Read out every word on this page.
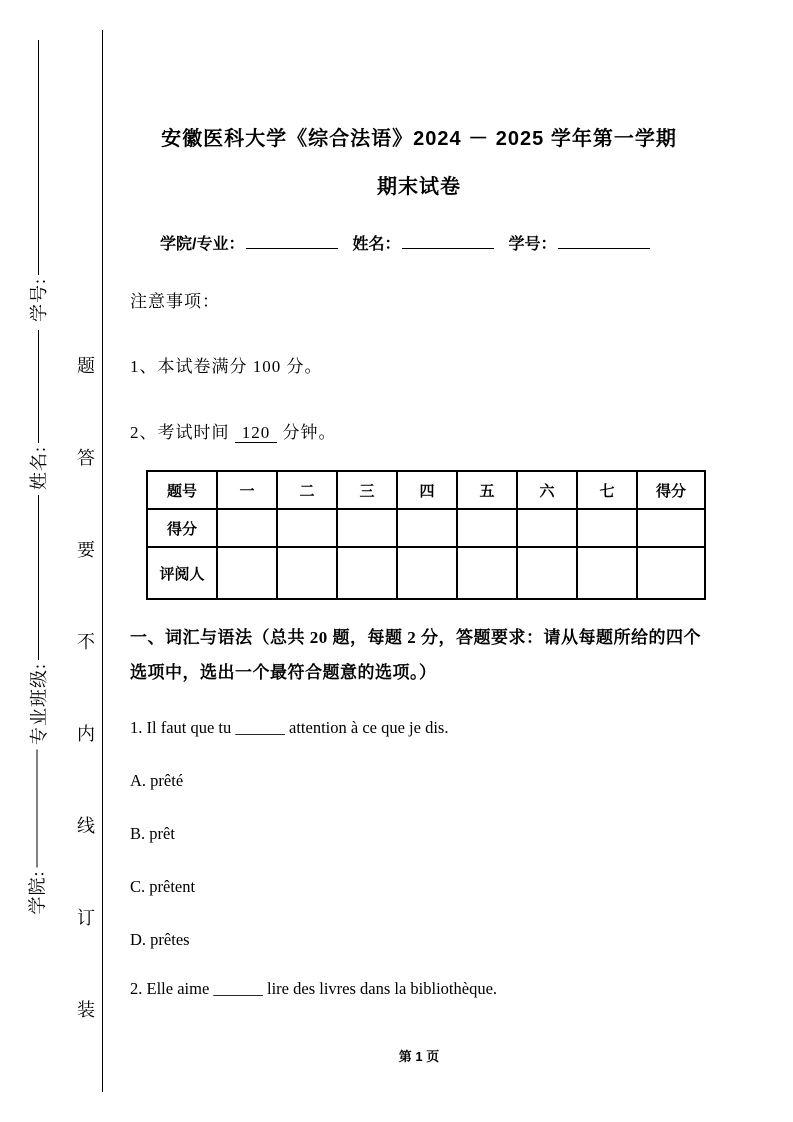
学号:
姓名:
专业班级:
学院:
题
答
要
不
内
线
订
装
安徽医科大学《综合法语》2024 － 2025 学年第一学期
期末试卷
学院/专业：	姓名：	学号：
注意事项：
1、本试卷满分 100 分。
2、考试时间 120 分钟。
题号	一	二	三	四	五	六	七	得分
得分								
评阅人								
一、词汇与语法（总共 20 题，每题 2 分，答题要求：请从每题所给的四个选项中，选出一个最符合题意的选项。）
1. Il faut que tu ______ attention à ce que je dis.
A. prêté
B. prêt
C. prêtent
D. prêtes
2. Elle aime ______ lire des livres dans la bibliothèque.
第 1 页
